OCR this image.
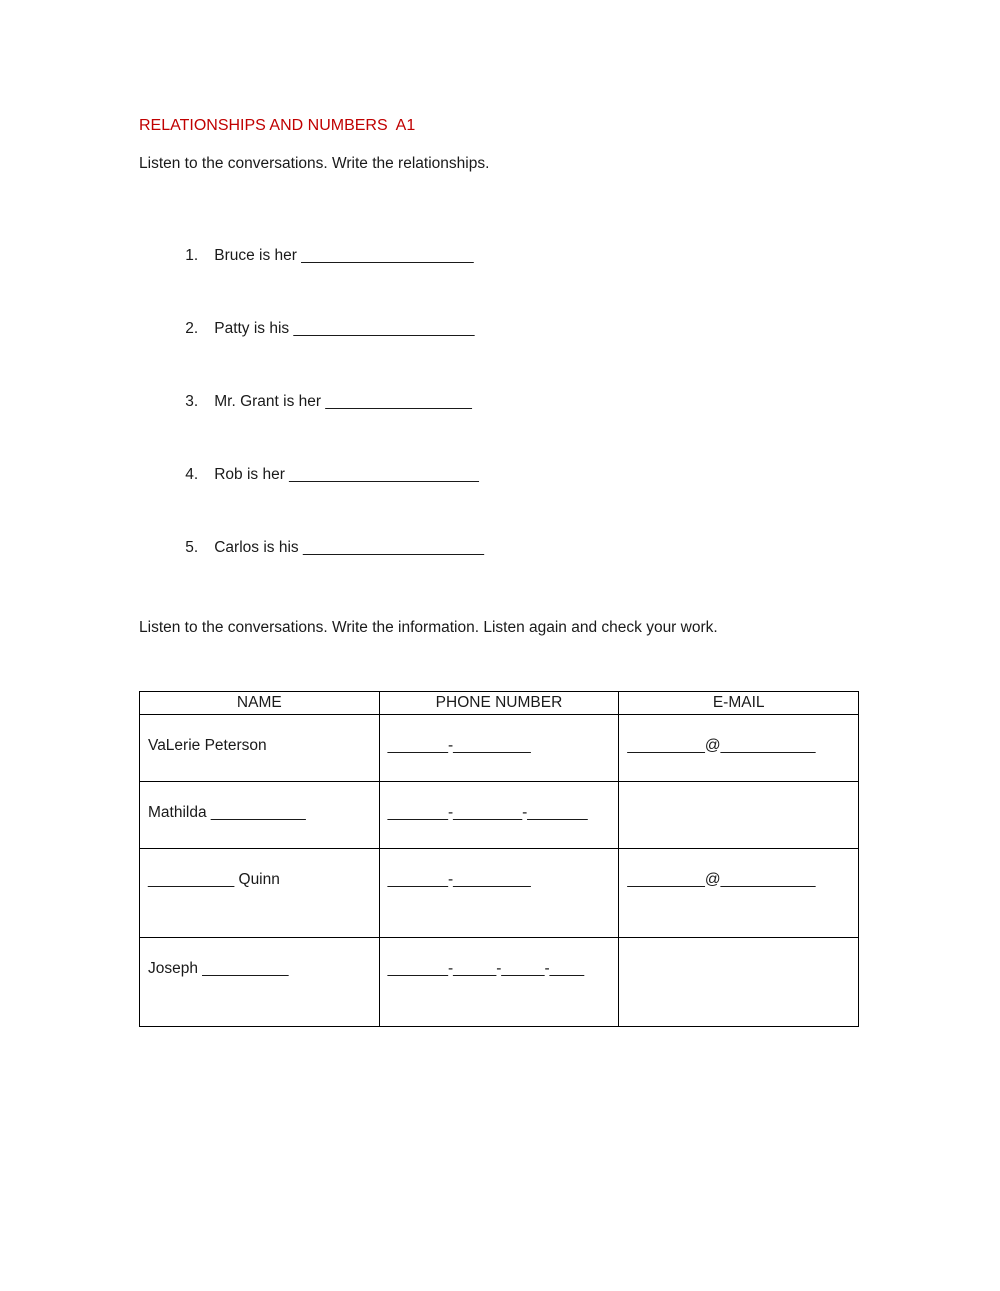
RELATIONSHIPS AND NUMBERS  A1
Listen to the conversations. Write the relationships.

1. Bruce is her ____________________

2. Patty is his _____________________

3. Mr. Grant is her _________________

4. Rob is her ______________________

5. Carlos is his _____________________

Listen to the conversations. Write the information. Listen again and check your work.
NAME	PHONE NUMBER	E-MAIL
VaLerie Peterson	_______-_________	_________@___________
Mathilda ___________	_______-________-_______	
__________ Quinn	_______-_________	_________@___________
Joseph __________	_______-_____-_____-____	
